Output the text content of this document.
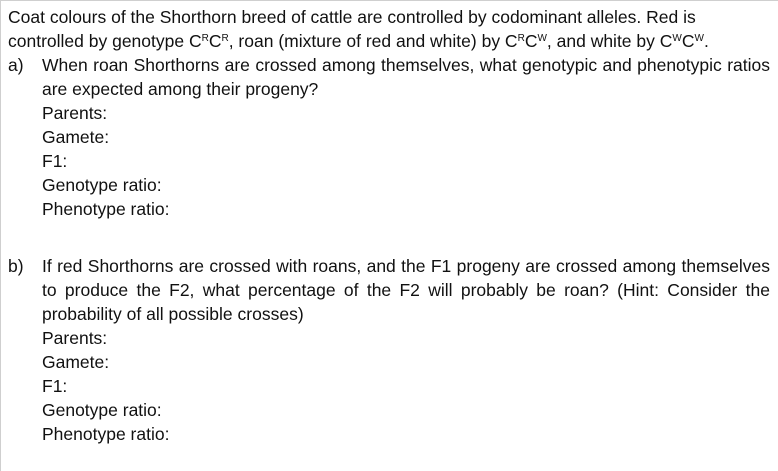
Coat colours of the Shorthorn breed of cattle are controlled by codominant alleles. Red is

controlled by genotype $C^RC^R$, roan (mixture of red and white) by $C^RC^W$, and white by $C^WC^W$.

a)	When roan Shorthorns are crossed among themselves, what genotypic and phenotypic ratios are expected among their progeny?
Parents:
Gamete:
F1:
Genotype ratio:
Phenotype ratio:
b)	If red Shorthorns are crossed with roans, and the F1 progeny are crossed among themselves to produce the F2, what percentage of the F2 will probably be roan? (Hint: Consider the probability of all possible crosses)
Parents:
Gamete:
F1:
Genotype ratio:
Phenotype ratio:
